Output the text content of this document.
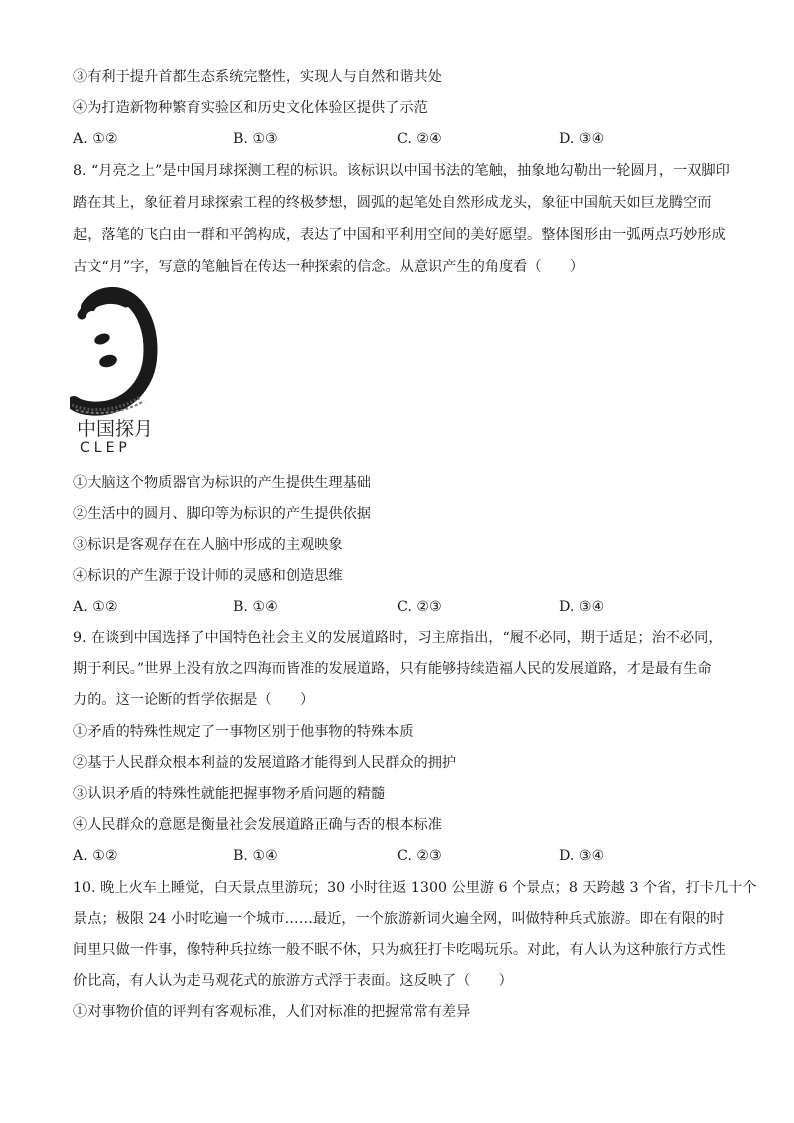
③有利于提升首都生态系统完整性，实现人与自然和谐共处
④为打造新物种繁育实验区和历史文化体验区提供了示范
A. ①②	B. ①③	C. ②④	D. ③④
8. “月亮之上”是中国月球探测工程的标识。该标识以中国书法的笔触，抽象地勾勒出一轮圆月，一双脚印
踏在其上，象征着月球探索工程的终极梦想，圆弧的起笔处自然形成龙头，象征中国航天如巨龙腾空而
起，落笔的飞白由一群和平鸽构成，表达了中国和平利用空间的美好愿望。整体图形由一弧两点巧妙形成
古文“月”字，写意的笔触旨在传达一种探索的信念。从意识产生的角度看（　　）
中国探月
CLEP
①大脑这个物质器官为标识的产生提供生理基础
②生活中的圆月、脚印等为标识的产生提供依据
③标识是客观存在在人脑中形成的主观映象
④标识的产生源于设计师的灵感和创造思维
A. ①②	B. ①④	C. ②③	D. ③④
9. 在谈到中国选择了中国特色社会主义的发展道路时，习主席指出，“履不必同，期于适足；治不必同，
期于利民。”世界上没有放之四海而皆准的发展道路，只有能够持续造福人民的发展道路，才是最有生命
力的。这一论断的哲学依据是（　　）
①矛盾的特殊性规定了一事物区别于他事物的特殊本质
②基于人民群众根本利益的发展道路才能得到人民群众的拥护
③认识矛盾的特殊性就能把握事物矛盾问题的精髓
④人民群众的意愿是衡量社会发展道路正确与否的根本标准
A. ①②	B. ①④	C. ②③	D. ③④
10. 晚上火车上睡觉，白天景点里游玩；30 小时往返 1300 公里游 6 个景点；8 天跨越 3 个省，打卡几十个
景点；极限 24 小时吃遍一个城市……最近，一个旅游新词火遍全网，叫做特种兵式旅游。即在有限的时
间里只做一件事，像特种兵拉练一般不眠不休，只为疯狂打卡吃喝玩乐。对此，有人认为这种旅行方式性
价比高，有人认为走马观花式的旅游方式浮于表面。这反映了（　　）
①对事物价值的评判有客观标准，人们对标准的把握常常有差异
